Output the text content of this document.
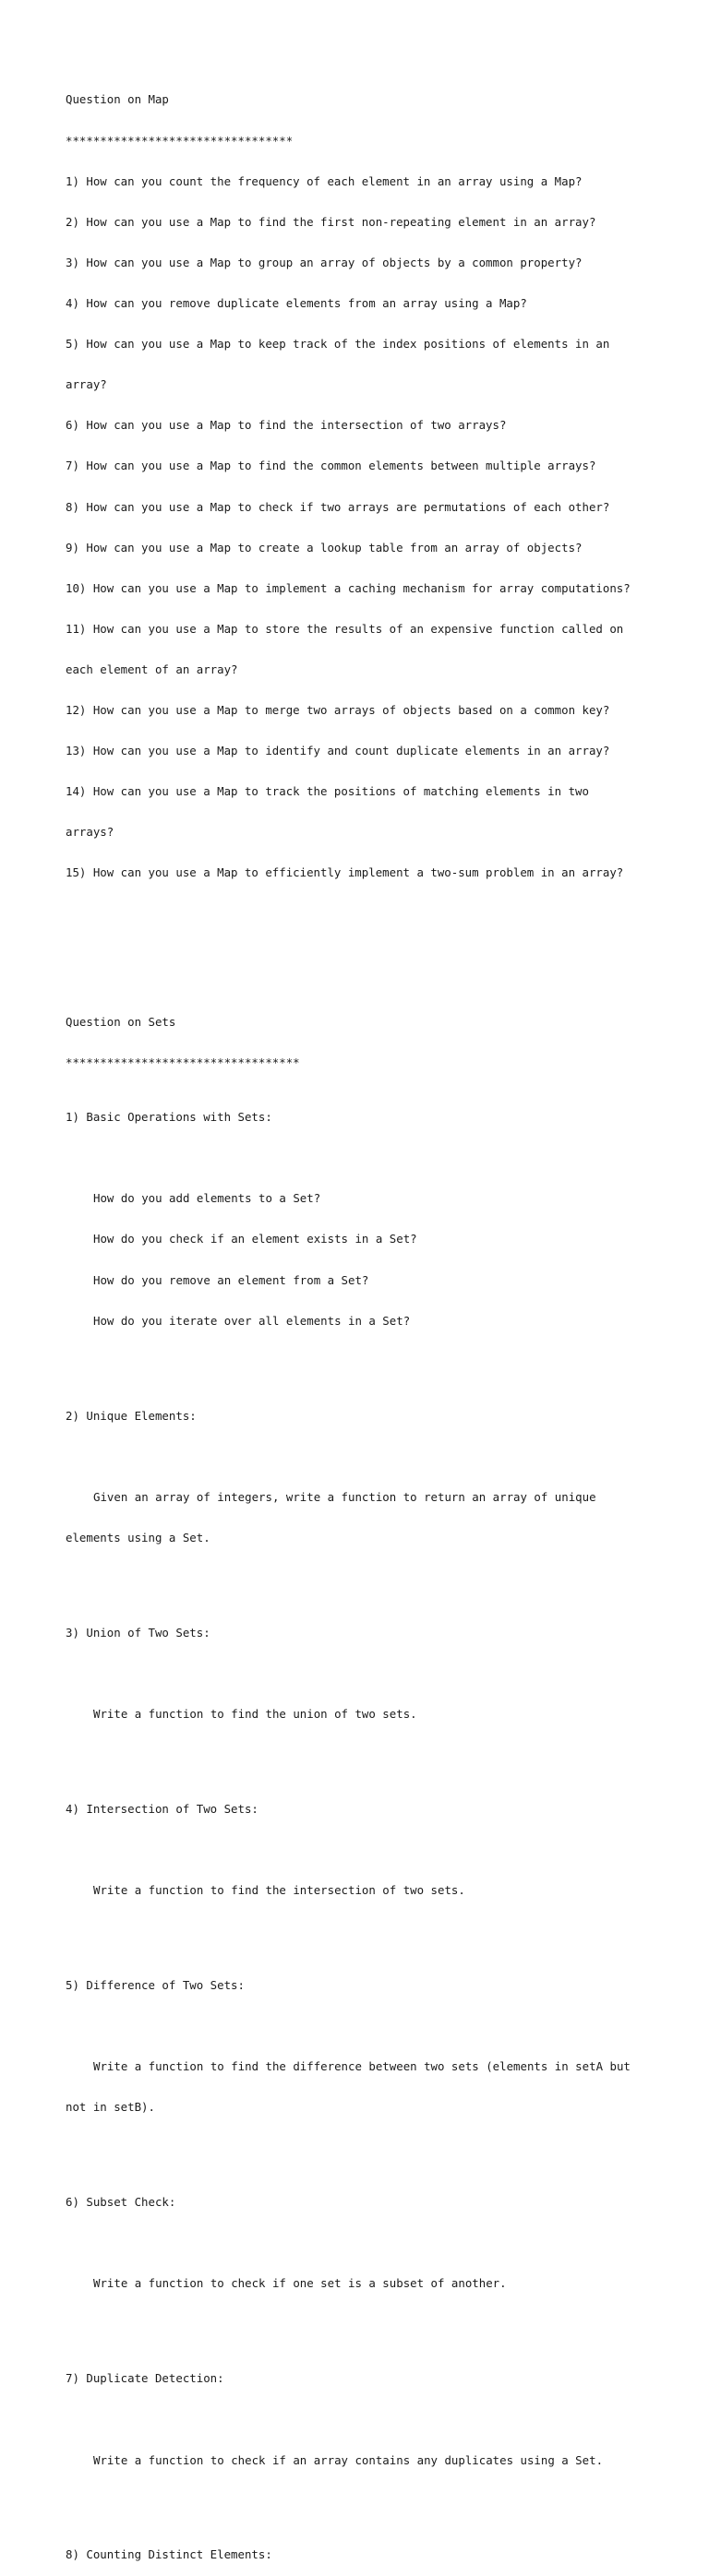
Question on Map

*********************************

1) How can you count the frequency of each element in an array using a Map?

2) How can you use a Map to find the first non-repeating element in an array?

3) How can you use a Map to group an array of objects by a common property?

4) How can you remove duplicate elements from an array using a Map?

5) How can you use a Map to keep track of the index positions of elements in an

array?

6) How can you use a Map to find the intersection of two arrays?

7) How can you use a Map to find the common elements between multiple arrays?

8) How can you use a Map to check if two arrays are permutations of each other?

9) How can you use a Map to create a lookup table from an array of objects?

10) How can you use a Map to implement a caching mechanism for array computations?

11) How can you use a Map to store the results of an expensive function called on

each element of an array?

12) How can you use a Map to merge two arrays of objects based on a common key?

13) How can you use a Map to identify and count duplicate elements in an array?

14) How can you use a Map to track the positions of matching elements in two

arrays?

15) How can you use a Map to efficiently implement a two-sum problem in an array?

Question on Sets

**********************************

1) Basic Operations with Sets:

How do you add elements to a Set?

How do you check if an element exists in a Set?

How do you remove an element from a Set?

How do you iterate over all elements in a Set?

2) Unique Elements:

Given an array of integers, write a function to return an array of unique

elements using a Set.

3) Union of Two Sets:

Write a function to find the union of two sets.

4) Intersection of Two Sets:

Write a function to find the intersection of two sets.

5) Difference of Two Sets:

Write a function to find the difference between two sets (elements in setA but

not in setB).

6) Subset Check:

Write a function to check if one set is a subset of another.

7) Duplicate Detection:

Write a function to check if an array contains any duplicates using a Set.

8) Counting Distinct Elements:
